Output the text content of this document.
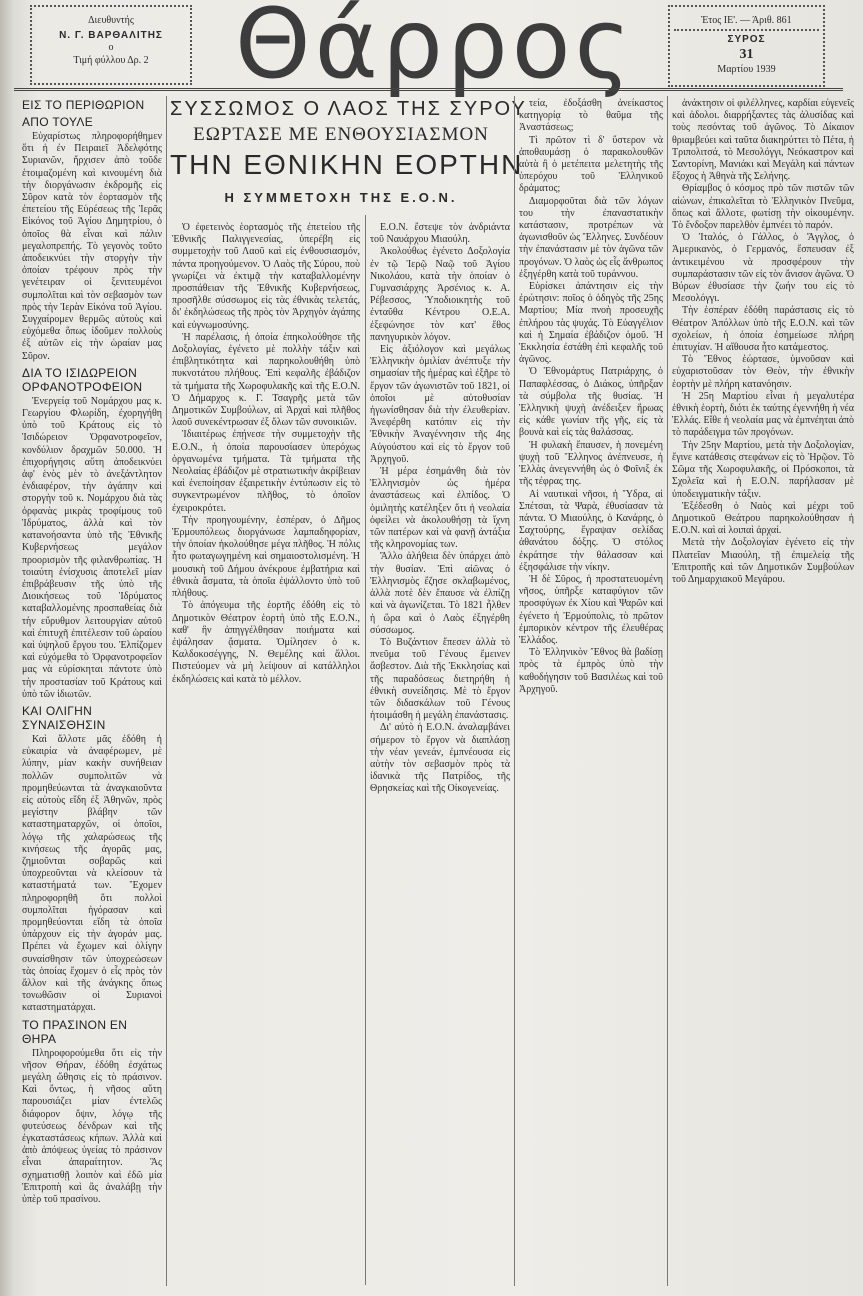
Διευθυντής
Ν. Γ. ΒΑΡΘΑΛΙΤΗΣ
ο
Τιμή φύλλου Δρ. 2 Θάρρος	Έτος ΙΕ'. — Άριθ. 861
ΣΥΡΟΣ
31
Μαρτίου 1939
ΣΥΣΣΩΜΟΣ Ο ΛΑΟΣ ΤΗΣ ΣΥΡΟΥ
ΕΩΡΤΑΣΕ ΜΕ ΕΝΘΟΥΣΙΑΣΜΟΝ
ΤΗΝ ΕΘΝΙΚΗΝ ΕΟΡΤΗΝ
Η ΣΥΜΜΕΤΟΧΗ ΤΗΣ Ε.Ο.Ν.
ΕΙΣ ΤΟ ΠΕΡΙΘΩΡΙΟΝ
ΑΠΟ ΤΟΥΛΕ

Εὐχαρίστως πληροφορήθημεν ὅτι ἡ ἐν Πειραιεῖ Ἀδελφότης Συριανῶν, ἤρχισεν ἀπὸ τοῦδε ἑτοιμαζομένη καὶ κινουμένη διὰ τὴν διοργάνωσιν ἐκδρομῆς εἰς Σῦρον κατὰ τὸν ἑορτασμὸν τῆς ἐπετείου τῆς Εὑρέσεως τῆς Ἱερᾶς Εἰκόνος τοῦ Ἁγίου Δημητρίου, ὁ ὁποῖος θὰ εἶναι καὶ πάλιν μεγαλοπρεπής. Τὸ γεγονὸς τοῦτο ἀποδεικνύει τὴν στοργὴν τὴν ὁποίαν τρέφουν πρὸς τὴν γενέτειραν οἱ ξενιτευμένοι συμπολῖται καὶ τὸν σεβασμὸν των πρὸς τὴν Ἱερὰν Εἰκόνα τοῦ Ἁγίου. Συγχαίρομεν θερμῶς αὐτοὺς καὶ εὐχόμεθα ὅπως ἰδοῦμεν πολλοὺς ἐξ αὐτῶν εἰς τὴν ὡραίαν μας Σῦρον.

ΔΙΑ ΤΟ ΙΣΙΔΩΡΕΙΟΝ ΟΡΦΑΝΟΤΡΟΦΕΙΟΝ

Ἐνεργείᾳ τοῦ Νομάρχου μας κ. Γεωργίου Φλωρίδη, ἐχορηγήθη ὑπὸ τοῦ Κράτους εἰς τὸ Ἰσιδώρειον Ὀρφανοτροφεῖον, κονδύλιον δραχμῶν 50.000. Ἡ ἐπιχορήγησις αὕτη ἀποδεικνύει ἀφ' ἑνὸς μὲν τὸ ἀνεξάντλητον ἐνδιαφέρον, τὴν ἀγάπην καὶ στοργὴν τοῦ κ. Νομάρχου διὰ τὰς ὀρφανὰς μικρὰς τροφίμους τοῦ Ἱδρύματος, ἀλλὰ καὶ τὸν κατανοήσαντα ὑπὸ τῆς Ἐθνικῆς Κυβερνήσεως μεγάλον προορισμὸν τῆς φιλανθρωπίας. Ἡ τοιαύτη ἐνίσχυσις ἀποτελεῖ μίαν ἐπιβράβευσιν τῆς ὑπὸ τῆς Διοικήσεως τοῦ Ἱδρύματος καταβαλλομένης προσπαθείας διὰ τὴν εὔρυθμον λειτουργίαν αὐτοῦ καὶ ἐπιτυχῆ ἐπιτέλεσιν τοῦ ὡραίου καὶ ὑψηλοῦ ἔργου του. Ἐλπίζομεν καὶ εὐχόμεθα τὸ Ὀρφανοτροφεῖον μας νὰ εὑρίσκηται πάντοτε ὑπὸ τὴν προστασίαν τοῦ Κράτους καὶ ὑπὸ τῶν ἰδιωτῶν.

ΚΑΙ ΟΛΙΓΗΝ ΣΥΝΑΙΣΘΗΣΙΝ

Καὶ ἄλλοτε μᾶς ἐδόθη ἡ εὐκαιρία νὰ ἀναφέρωμεν, μὲ λύπην, μίαν κακὴν συνήθειαν πολλῶν συμπολιτῶν νὰ προμηθεύωνται τὰ ἀναγκαιοῦντα εἰς αὐτοὺς εἴδη ἐξ Ἀθηνῶν, πρὸς μεγίστην βλάβην τῶν καταστηματαρχῶν, οἱ ὁποῖοι, λόγῳ τῆς χαλαρώσεως τῆς κινήσεως τῆς ἀγορᾶς μας, ζημιοῦνται σοβαρῶς καὶ ὑποχρεοῦνται νὰ κλείσουν τὰ καταστήματά των. Ἔχομεν πληροφορηθῆ ὅτι πολλοὶ συμπολῖται ἠγόρασαν καὶ προμηθεύονται εἴδη τὰ ὁποῖα ὑπάρχουν εἰς τὴν ἀγοράν μας. Πρέπει νὰ ἔχωμεν καὶ ὀλίγην συναίσθησιν τῶν ὑποχρεώσεων τὰς ὁποίας ἔχομεν ὁ εἷς πρὸς τὸν ἄλλον καὶ τῆς ἀνάγκης ὅπως τονωθῶσιν οἱ Συριανοὶ καταστηματάρχαι.

ΤΟ ΠΡΑΣΙΝΟΝ ΕΝ ΘΗΡΑ

Πληροφορούμεθα ὅτι εἰς τὴν νῆσον Θήραν, ἐδόθη ἐσχάτως μεγάλη ὤθησις εἰς τὸ πράσινον. Καὶ ὄντως, ἡ νῆσος αὕτη παρουσιάζει μίαν ἐντελῶς διάφορον ὄψιν, λόγῳ τῆς φυτεύσεως δένδρων καὶ τῆς ἐγκαταστάσεως κήπων. Ἀλλὰ καὶ ἀπὸ ἀπόψεως ὑγείας τὸ πράσινον εἶναι ἀπαραίτητον. Ἂς σχηματισθῇ λοιπὸν καὶ ἐδῶ μία Ἐπιτροπὴ καὶ ἂς ἀναλάβῃ τὴν ὑπὲρ τοῦ πρασίνου.

Ὁ ἐφετεινὸς ἑορτασμὸς τῆς ἐπετείου τῆς Ἐθνικῆς Παλιγγενεσίας, ὑπερέβη εἰς συμμετοχὴν τοῦ Λαοῦ καὶ εἰς ἐνθουσιασμόν, πάντα προηγούμενον. Ὁ Λαὸς τῆς Σύρου, ποὺ γνωρίζει νὰ ἐκτιμᾷ τὴν καταβαλλομένην προσπάθειαν τῆς Ἐθνικῆς Κυβερνήσεως, προσῆλθε σύσσωμος εἰς τὰς ἐθνικὰς τελετάς, δι' ἐκδηλώσεως τῆς πρὸς τὸν Ἀρχηγὸν ἀγάπης καὶ εὐγνωμοσύνης.

Ἡ παρέλασις, ἡ ὁποία ἐπηκολούθησε τῆς Δοξολογίας, ἐγένετο μὲ πολλὴν τάξιν καὶ ἐπιβλητικότητα καὶ παρηκολουθήθη ὑπὸ πυκνοτάτου πλήθους. Ἐπὶ κεφαλῆς ἐβάδιζον τὰ τμήματα τῆς Χωροφυλακῆς καὶ τῆς Ε.Ο.Ν. Ὁ Δήμαρχος κ. Γ. Τσαγρῆς μετὰ τῶν Δημοτικῶν Συμβούλων, αἱ Ἀρχαὶ καὶ πλῆθος λαοῦ συνεκέντρωσαν ἐξ ὅλων τῶν συνοικιῶν.

Ἰδιαιτέρως ἐπῄνεσε τὴν συμμετοχὴν τῆς Ε.Ο.Ν., ἡ ὁποία παρουσίασεν ὑπερόχως ὀργανωμένα τμήματα. Τὰ τμήματα τῆς Νεολαίας ἐβάδιζον μὲ στρατιωτικὴν ἀκρίβειαν καὶ ἐνεποίησαν ἐξαιρετικὴν ἐντύπωσιν εἰς τὸ συγκεντρωμένον πλῆθος, τὸ ὁποῖον ἐχειροκρότει.

Τὴν προηγουμένην, ἑσπέραν, ὁ Δῆμος Ἑρμουπόλεως διοργάνωσε λαμπαδηφορίαν, τὴν ὁποίαν ἠκολούθησε μέγα πλῆθος. Ἡ πόλις ἦτο φωταγωγημένη καὶ σημαιοστολισμένη. Ἡ μουσικὴ τοῦ Δήμου ἀνέκρουε ἐμβατήρια καὶ ἐθνικὰ ἄσματα, τὰ ὁποῖα ἐψάλλοντο ὑπὸ τοῦ πλήθους.

Τὸ ἀπόγευμα τῆς ἑορτῆς ἐδόθη εἰς τὸ Δημοτικὸν Θέατρον ἑορτὴ ὑπὸ τῆς Ε.Ο.Ν., καθ' ἣν ἀπηγγέλθησαν ποιήματα καὶ ἐψάλησαν ᾄσματα. Ὁμίλησεν ὁ κ. Καλδοκοσέγγης, Ν. Θεμέλης καὶ ἄλλοι. Πιστεύομεν νὰ μὴ λείψουν αἱ κατάλληλοι ἐκδηλώσεις καὶ κατὰ τὸ μέλλον.

Ε.Ο.Ν. ἔστεψε τὸν ἀνδριάντα τοῦ Ναυάρχου Μιαούλη.

Ἀκολούθως ἐγένετο Δοξολογία ἐν τῷ Ἱερῷ Ναῷ τοῦ Ἁγίου Νικολάου, κατὰ τὴν ὁποίαν ὁ Γυμνασιάρχης Ἀρσένιος κ. Α. Ρέβεσσος, Ὑποδιοικητὴς τοῦ ἐνταῦθα Κέντρου Ο.Ε.Α. ἐξεφώνησε τὸν κατ' ἔθος πανηγυρικὸν λόγον.

Εἰς ἀξιόλογον καὶ μεγάλως Ἑλληνικὴν ὁμιλίαν ἀνέπτυξε τὴν σημασίαν τῆς ἡμέρας καὶ ἐξῆρε τὸ ἔργον τῶν ἀγωνιστῶν τοῦ 1821, οἱ ὁποῖοι μὲ αὐτοθυσίαν ἠγωνίσθησαν διὰ τὴν ἐλευθερίαν. Ἀνεφέρθη κατόπιν εἰς τὴν Ἐθνικὴν Ἀναγέννησιν τῆς 4ης Αὐγούστου καὶ εἰς τὸ ἔργον τοῦ Ἀρχηγοῦ.

Ἡ μέρα ἐσημάνθη διὰ τὸν Ἑλληνισμὸν ὡς ἡμέρα ἀναστάσεως καὶ ἐλπίδος. Ὁ ὁμιλητὴς κατέληξεν ὅτι ἡ νεολαία ὀφείλει νὰ ἀκολουθήσῃ τὰ ἴχνη τῶν πατέρων καὶ νὰ φανῇ ἀντάξια τῆς κληρονομίας των.

Ἄλλο ἀλήθεια δὲν ὑπάρχει ἀπὸ τὴν θυσίαν. Ἐπὶ αἰῶνας ὁ Ἑλληνισμὸς ἔζησε σκλαβωμένος, ἀλλὰ ποτὲ δὲν ἔπαυσε νὰ ἐλπίζῃ καὶ νὰ ἀγωνίζεται. Τὸ 1821 ἦλθεν ἡ ὥρα καὶ ὁ Λαὸς ἐξηγέρθη σύσσωμος.

Τὸ Βυζάντιον ἔπεσεν ἀλλὰ τὸ πνεῦμα τοῦ Γένους ἔμεινεν ἄσβεστον. Διὰ τῆς Ἐκκλησίας καὶ τῆς παραδόσεως διετηρήθη ἡ ἐθνικὴ συνείδησις. Μὲ τὸ ἔργον τῶν διδασκάλων τοῦ Γένους ἡτοιμάσθη ἡ μεγάλη ἐπανάστασις.

Δι' αὐτὸ ἡ Ε.Ο.Ν. ἀναλαμβάνει σήμερον τὸ ἔργον νὰ διαπλάσῃ τὴν νέαν γενεάν, ἐμπνέουσα εἰς αὐτὴν τὸν σεβασμὸν πρὸς τὰ ἰδανικὰ τῆς Πατρίδος, τῆς Θρησκείας καὶ τῆς Οἰκογενείας.

τεία, ἐδοξάσθη ἀνείκαστος κατηγορίᾳ τὸ θαῦμα τῆς Ἀναστάσεως;

Τὶ πρῶτον τὶ δ' ὕστερον νὰ ἀποθαυμάσῃ ὁ παρακολουθῶν αὐτὰ ἢ ὁ μετέπειτα μελετητὴς τῆς ὑπερόχου τοῦ Ἑλληνικοῦ δράματος;

Διαμορφοῦται διὰ τῶν λόγων του τὴν ἐπαναστατικὴν κατάστασιν, προτρέπων νὰ ἀγωνισθοῦν ὡς Ἕλληνες. Συνδέουν τὴν ἐπανάστασιν μὲ τὸν ἀγῶνα τῶν προγόνων. Ὁ λαὸς ὡς εἷς ἄνθρωπος ἐξηγέρθη κατὰ τοῦ τυράννου.

Εὑρίσκει ἀπάντησιν εἰς τὴν ἐρώτησιν: ποῖος ὁ ὁδηγὸς τῆς 25ης Μαρτίου; Μία πνοὴ προσευχῆς ἐπλήρου τὰς ψυχάς. Τὸ Εὐαγγέλιον καὶ ἡ Σημαία ἐβάδιζον ὁμοῦ. Ἡ Ἐκκλησία ἐστάθη ἐπὶ κεφαλῆς τοῦ ἀγῶνος.

Ὁ Ἐθνομάρτυς Πατριάρχης, ὁ Παπαφλέσσας, ὁ Διάκος, ὑπῆρξαν τὰ σύμβολα τῆς θυσίας. Ἡ Ἑλληνικὴ ψυχὴ ἀνέδειξεν ἥρωας εἰς κάθε γωνίαν τῆς γῆς, εἰς τὰ βουνὰ καὶ εἰς τὰς θαλάσσας.

Ἡ φυλακὴ ἔπαυσεν, ἡ πονεμένη ψυχὴ τοῦ Ἕλληνος ἀνέπνευσε, ἡ Ἑλλὰς ἀνεγεννήθη ὡς ὁ Φοῖνιξ ἐκ τῆς τέφρας της.

Αἱ ναυτικαὶ νῆσοι, ἡ Ὕδρα, αἱ Σπέτσαι, τὰ Ψαρὰ, ἐθυσίασαν τὰ πάντα. Ὁ Μιαούλης, ὁ Κανάρης, ὁ Σαχτούρης, ἔγραψαν σελίδας ἀθανάτου δόξης. Ὁ στόλος ἐκράτησε τὴν θάλασσαν καὶ ἐξησφάλισε τὴν νίκην.

Ἡ δὲ Σῦρος, ἡ προστατευομένη νῆσος, ὑπῆρξε καταφύγιον τῶν προσφύγων ἐκ Χίου καὶ Ψαρῶν καὶ ἐγένετο ἡ Ἑρμούπολις, τὸ πρῶτον ἐμπορικὸν κέντρον τῆς ἐλευθέρας Ἑλλάδος.

Τὸ Ἑλληνικὸν Ἔθνος θὰ βαδίσῃ πρὸς τὰ ἐμπρὸς ὑπὸ τὴν καθοδήγησιν τοῦ Βασιλέως καὶ τοῦ Ἀρχηγοῦ.

ἀνάκτησιν οἱ φιλέλληνες, καρδίαι εὐγενεῖς καὶ ἀδολοι. διαρρήξαντες τὰς ἀλυσίδας καὶ τοὺς πεσόντας τοῦ ἀγῶνος. Τὸ Δίκαιον θριαμβεύει καὶ ταῦτα διακηρύττει τὸ Πέτα, ἡ Τριπολιτσά, τὸ Μεσολόγγι, Νεόκαστρον καὶ Σαντορίνη, Μανιάκι καὶ Μεγάλη καὶ πάντων ἔξοχος ἡ Ἀθηνὰ τῆς Σελήνης.

Θρίαμβος ὁ κόσμος πρὸ τῶν πιστῶν τῶν αἰώνων, ἐπικαλεῖται τὸ Ἑλληνικὸν Πνεῦμα, ὅπως καὶ ἄλλοτε, φωτίσῃ τὴν οἰκουμένην. Τὸ ἔνδοξον παρελθὸν ἐμπνέει τὸ παρόν.

Ὁ Ἰταλός, ὁ Γάλλος, ὁ Ἄγγλος, ὁ Ἀμερικανὸς, ὁ Γερμανός, ἔσπευσαν ἐξ ἀντικειμένου νὰ προσφέρουν τὴν συμπαράστασιν τῶν εἰς τὸν ἄνισον ἀγῶνα. Ὁ Βύρων ἐθυσίασε τὴν ζωήν του εἰς τὸ Μεσολόγγι.

Τὴν ἑσπέραν ἐδόθη παράστασις εἰς τὸ Θέατρον Ἀπόλλων ὑπὸ τῆς Ε.Ο.Ν. καὶ τῶν σχολείων, ἡ ὁποία ἐσημείωσε πλήρη ἐπιτυχίαν. Ἡ αἴθουσα ἦτο κατάμεστος.

Τὸ Ἔθνος ἑώρτασε, ὑμνοῦσαν καὶ εὐχαριστοῦσαν τὸν Θεὸν, τὴν ἐθνικὴν ἑορτὴν μὲ πλήρη κατανόησιν.

Ἡ 25η Μαρτίου εἶναι ἡ μεγαλυτέρα ἐθνικὴ ἑορτὴ, διότι ἐκ ταύτης ἐγεννήθη ἡ νέα Ἑλλάς. Εἴθε ἡ νεολαία μας νὰ ἐμπνέηται ἀπὸ τὸ παράδειγμα τῶν προγόνων.

Τὴν 25ην Μαρτίου, μετὰ τὴν Δοξολογίαν, ἔγινε κατάθεσις στεφάνων εἰς τὸ Ἡρῷον. Τὸ Σῶμα τῆς Χωροφυλακῆς, οἱ Πρόσκοποι, τὰ Σχολεῖα καὶ ἡ Ε.Ο.Ν. παρήλασαν μὲ ὑποδειγματικὴν τάξιν.

Ἐξέδεσθη ὁ Ναὸς καὶ μέχρι τοῦ Δημοτικοῦ Θεάτρου παρηκολούθησαν ἡ Ε.Ο.Ν. καὶ αἱ λοιπαὶ ἀρχαί.

Μετὰ τὴν Δοξολογίαν ἐγένετο εἰς τὴν Πλατεῖαν Μιαούλη, τῇ ἐπιμελείᾳ τῆς Ἐπιτροπῆς καὶ τῶν Δημοτικῶν Συμβούλων τοῦ Δημαρχιακοῦ Μεγάρου.
